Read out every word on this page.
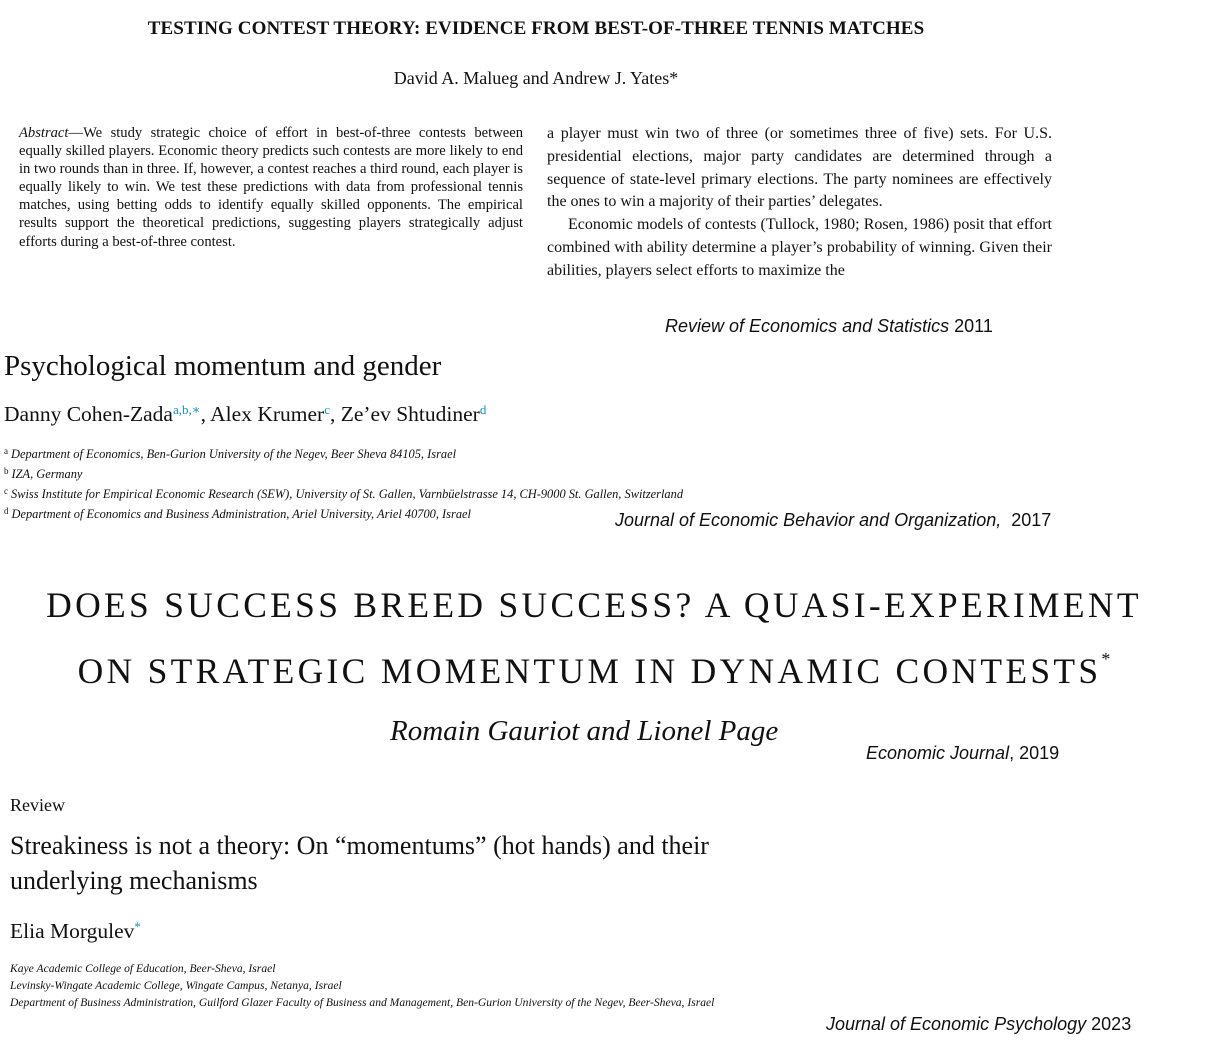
TESTING CONTEST THEORY: EVIDENCE FROM BEST-OF-THREE TENNIS MATCHES
David A. Malueg and Andrew J. Yates*
Abstract—We study strategic choice of effort in best-of-three contests between equally skilled players. Economic theory predicts such contests are more likely to end in two rounds than in three. If, however, a contest reaches a third round, each player is equally likely to win. We test these predictions with data from professional tennis matches, using betting odds to identify equally skilled opponents. The empirical results support the theoretical predictions, suggesting players strategically adjust efforts during a best-of-three contest.

a player must win two of three (or sometimes three of five) sets. For U.S. presidential elections, major party candidates are determined through a sequence of state-level primary elections. The party nominees are effectively the ones to win a majority of their parties’ delegates.

Economic models of contests (Tullock, 1980; Rosen, 1986) posit that effort combined with ability determine a player’s probability of winning. Given their abilities, players select efforts to maximize the

Review of Economics and Statistics 2011
Psychological momentum and gender
Danny Cohen-Zada$^{a,b,∗}$, Alex Krumer$^c$, Ze’ev Shtudiner$^d$
$^a$ Department of Economics, Ben-Gurion University of the Negev, Beer Sheva 84105, Israel
$^b$ IZA, Germany
$^c$ Swiss Institute for Empirical Economic Research (SEW), University of St. Gallen, Varnbüelstrasse 14, CH-9000 St. Gallen, Switzerland
$^d$ Department of Economics and Business Administration, Ariel University, Ariel 40700, Israel	Journal of Economic Behavior and Organization, 2017
DOES SUCCESS BREED SUCCESS? A QUASI-EXPERIMENT
ON STRATEGIC MOMENTUM IN DYNAMIC CONTESTS*
Romain Gauriot and Lionel Page
Economic Journal, 2019
Review
Streakiness is not a theory: On “momentums” (hot hands) and their underlying mechanisms
Elia Morgulev*
Kaye Academic College of Education, Beer-Sheva, Israel
Levinsky-Wingate Academic College, Wingate Campus, Netanya, Israel
Department of Business Administration, Guilford Glazer Faculty of Business and Management, Ben-Gurion University of the Negev, Beer-Sheva, Israel
Journal of Economic Psychology 2023
